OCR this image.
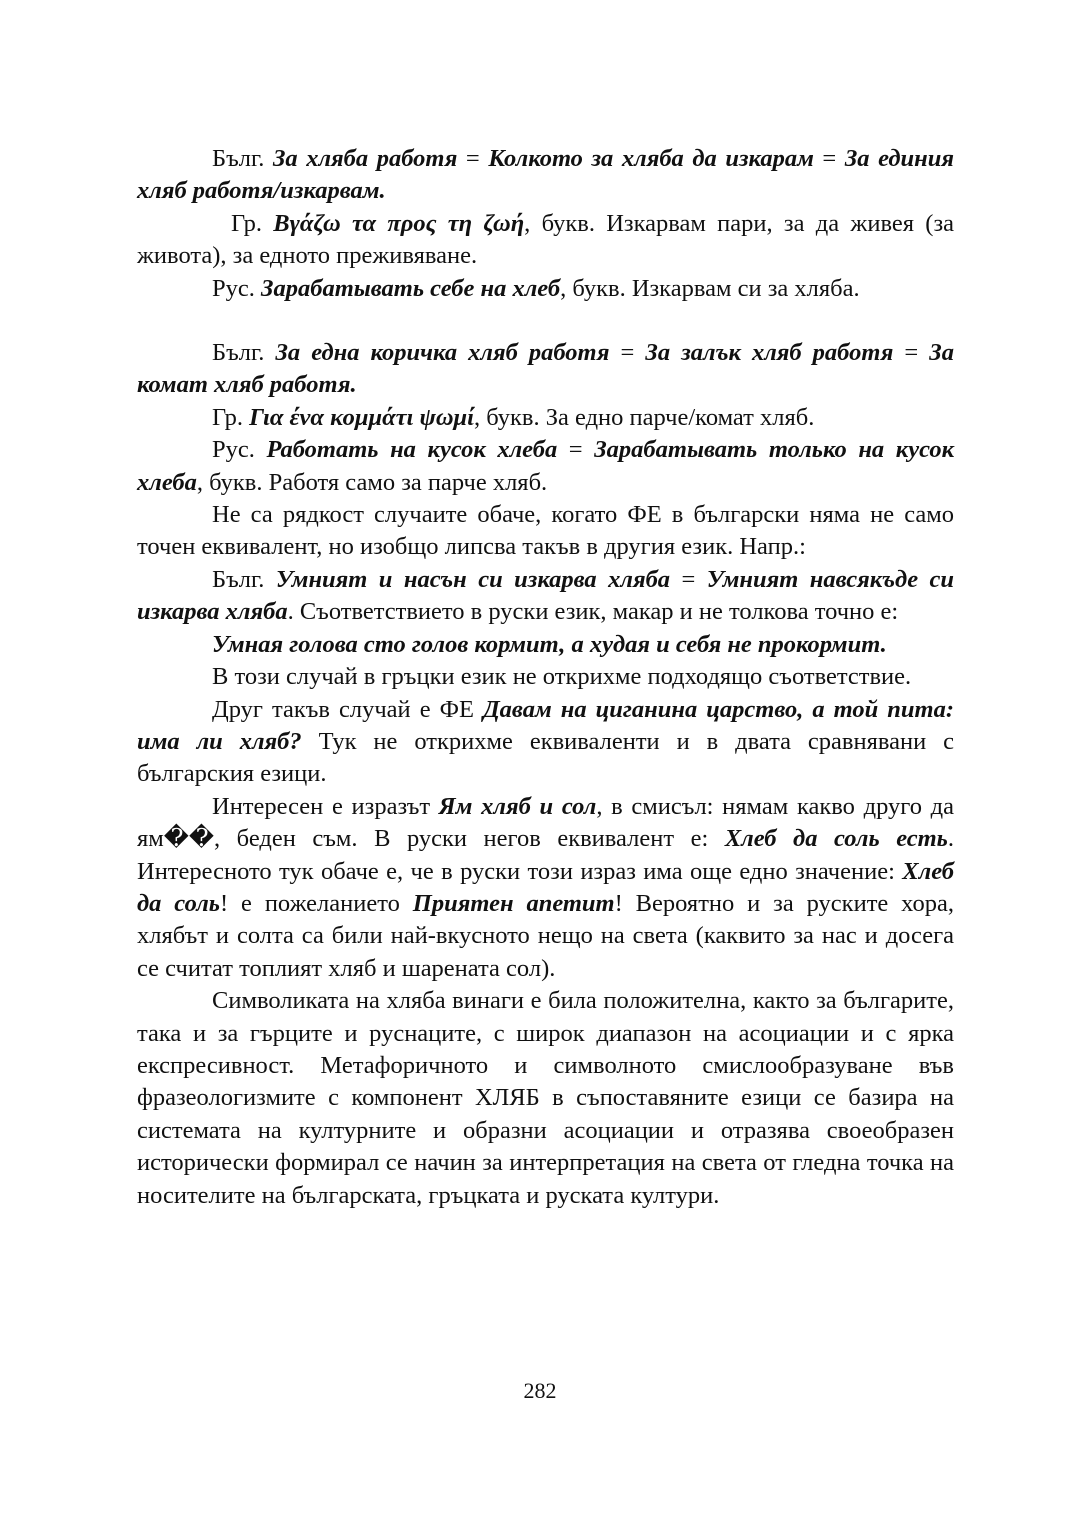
Бълг. За хляба работя = Колкото за хляба да изкарам = За единия хляб работя/изкарвам.

Гр. Βγάζω τα προς τη ζωή, букв. Изкарвам пари, за да живея (за живота), за едното преживяване.

Рус. Зарабатывать себе на хлеб, букв. Изкарвам си за хляба.

Бълг. За една коричка хляб работя = За залък хляб работя = За комат хляб работя.

Гр. Για ένα κομμάτι ψωμί, букв. За едно парче/комат хляб.

Рус. Работать на кусок хлеба = Зарабатывать только на кусок хлеба, букв. Работя само за парче хляб.

Не са рядкост случаите обаче, когато ФЕ в български няма не само точен еквивалент, но изобщо липсва такъв в другия език. Напр.:

Бълг. Умният и насън си изкарва хляба = Умният навсякъде си изкарва хляба. Съответствието в руски език, макар и не толкова точно е:

Умная голова сто голов кормит, а худая и себя не прокормит.

В този случай в гръцки език не открихме подходящо съответствие.

Друг такъв случай е ФЕ Давам на циганина царство, а той пита: има ли хляб? Тук не открихме еквиваленти и в двата сравнявани с българския езици.

Интересен е изразът Ям хляб и сол, в смисъл: нямам какво друго да ям��, беден съм. В руски негов еквивалент е: Хлеб да соль есть. Интересното тук обаче е, че в руски този израз има още едно значение: Хлеб да соль! е пожеланието Приятен апетит! Вероятно и за руските хора, хлябът и солта са били най-вкусното нещо на света (каквито за нас и досега се считат топлият хляб и шарената сол).

Символиката на хляба винаги е била положителна, както за българите, така и за гърците и руснаците, с широк диапазон на асоциации и с ярка експресивност. Метафоричното и символното смислообразуване във фразеологизмите с компонент ХЛЯБ в съпоставяните езици се базира на системата на културните и образни асоциации и отразява своеобразен исторически формирал се начин за интерпретация на света от гледна точка на носителите на българската, гръцката и руската култури.

282
